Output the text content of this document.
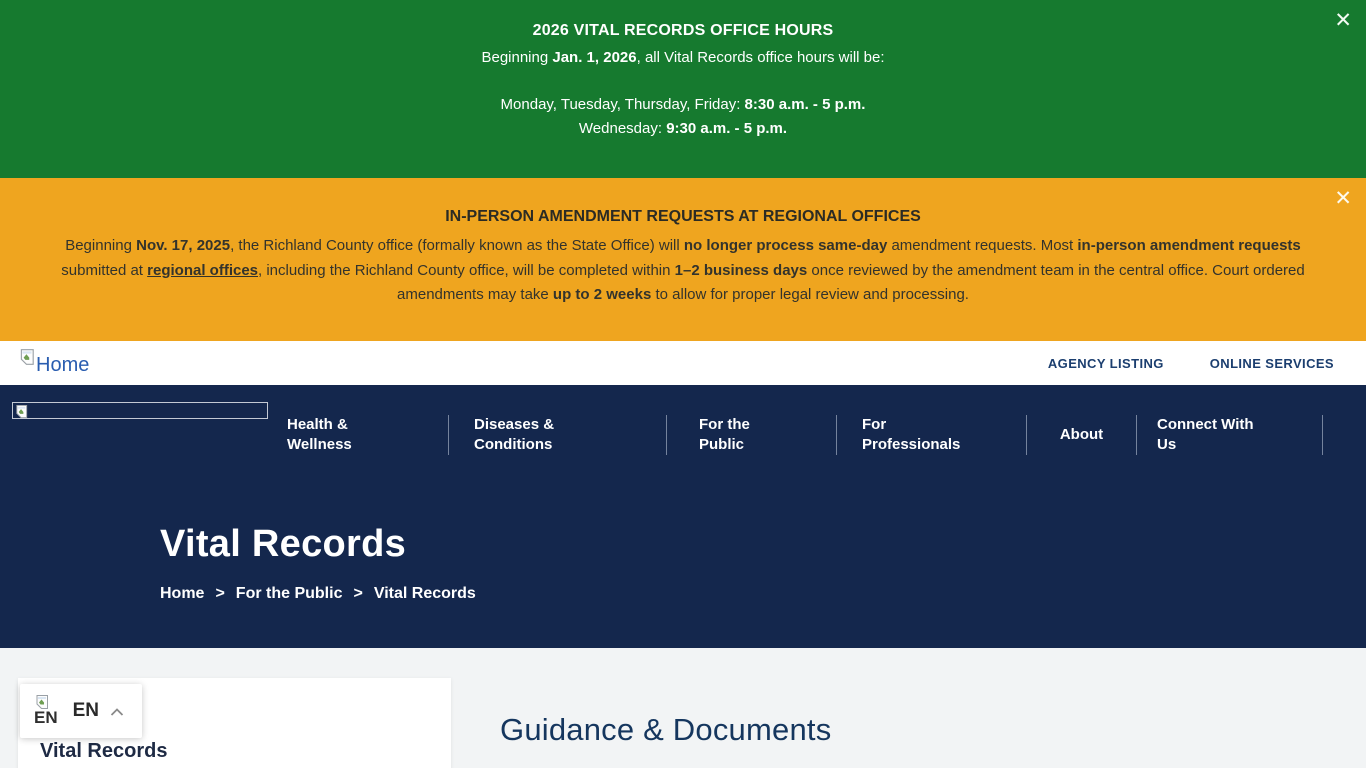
✕
2026 VITAL RECORDS OFFICE HOURS

Beginning Jan. 1, 2026, all Vital Records office hours will be:

Monday, Tuesday, Thursday, Friday: 8:30 a.m. - 5 p.m.

Wednesday: 9:30 a.m. - 5 p.m.

✕
IN-PERSON AMENDMENT REQUESTS AT REGIONAL OFFICES

Beginning Nov. 17, 2025, the Richland County office (formally known as the State Office) will no longer process same-day amendment requests. Most in-person amendment requests submitted at regional offices, including the Richland County office, will be completed within 1–2 business days once reviewed by the amendment team in the central office. Court ordered amendments may take up to 2 weeks to allow for proper legal review and processing.

Home	AGENCY LISTING	ONLINE SERVICES
Health &
Wellness
Diseases &
Conditions
For the
Public
For
Professionals
About
Connect With
Us
Vital Records
Home > For the Public > Vital Records
EN EN
Vital Records
Guidance & Documents
